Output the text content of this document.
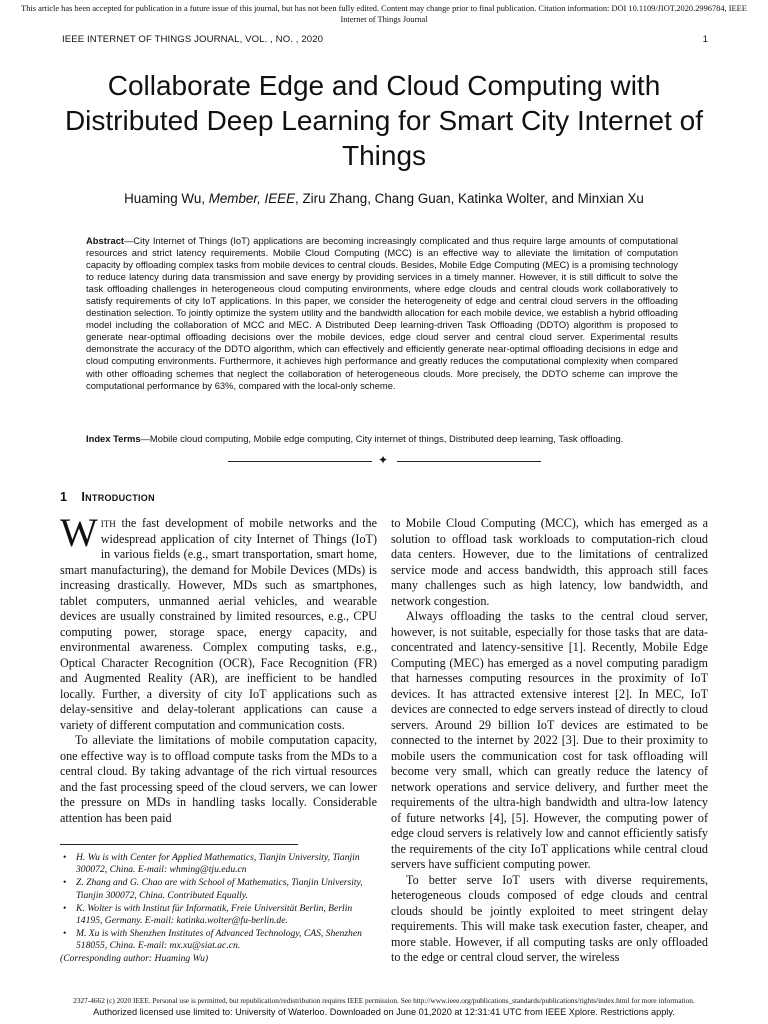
This article has been accepted for publication in a future issue of this journal, but has not been fully edited. Content may change prior to final publication. Citation information: DOI 10.1109/JIOT.2020.2996784, IEEE Internet of Things Journal
IEEE INTERNET OF THINGS JOURNAL, VOL. , NO. , 2020	1
Collaborate Edge and Cloud Computing with Distributed Deep Learning for Smart City Internet of Things
Huaming Wu, Member, IEEE, Ziru Zhang, Chang Guan, Katinka Wolter, and Minxian Xu

Abstract—City Internet of Things (IoT) applications are becoming increasingly complicated and thus require large amounts of computational resources and strict latency requirements. Mobile Cloud Computing (MCC) is an effective way to alleviate the limitation of computation capacity by offloading complex tasks from mobile devices to central clouds. Besides, Mobile Edge Computing (MEC) is a promising technology to reduce latency during data transmission and save energy by providing services in a timely manner. However, it is still difficult to solve the task offloading challenges in heterogeneous cloud computing environments, where edge clouds and central clouds work collaboratively to satisfy requirements of city IoT applications. In this paper, we consider the heterogeneity of edge and central cloud servers in the offloading destination selection. To jointly optimize the system utility and the bandwidth allocation for each mobile device, we establish a hybrid offloading model including the collaboration of MCC and MEC. A Distributed Deep learning-driven Task Offloading (DDTO) algorithm is proposed to generate near-optimal offloading decisions over the mobile devices, edge cloud server and central cloud server. Experimental results demonstrate the accuracy of the DDTO algorithm, which can effectively and efficiently generate near-optimal offloading decisions in edge and cloud computing environments. Furthermore, it achieves high performance and greatly reduces the computational complexity when compared with other offloading schemes that neglect the collaboration of heterogeneous clouds. More precisely, the DDTO scheme can improve the computational performance by 63%, compared with the local-only scheme.

Index Terms—Mobile cloud computing, Mobile edge computing, City internet of things, Distributed deep learning, Task offloading.

✦
1 Introduction

With the fast development of mobile networks and the widespread application of city Internet of Things (IoT) in various fields (e.g., smart transportation, smart home, smart manufacturing), the demand for Mobile Devices (MDs) is increasing drastically. However, MDs such as smartphones, tablet computers, unmanned aerial vehicles, and wearable devices are usually constrained by limited resources, e.g., CPU computing power, storage space, energy capacity, and environmental awareness. Complex computing tasks, e.g., Optical Character Recognition (OCR), Face Recognition (FR) and Augmented Reality (AR), are inefficient to be handled locally. Further, a diversity of city IoT applications such as delay-sensitive and delay-tolerant applications can cause a variety of different computation and communication costs.

To alleviate the limitations of mobile computation capacity, one effective way is to offload compute tasks from the MDs to a central cloud. By taking advantage of the rich virtual resources and the fast processing speed of the cloud servers, we can lower the pressure on MDs in handling tasks locally. Considerable attention has been paid

to Mobile Cloud Computing (MCC), which has emerged as a solution to offload task workloads to computation-rich cloud data centers. However, due to the limitations of centralized service mode and access bandwidth, this approach still faces many challenges such as high latency, low bandwidth, and network congestion.

Always offloading the tasks to the central cloud server, however, is not suitable, especially for those tasks that are data-concentrated and latency-sensitive [1]. Recently, Mobile Edge Computing (MEC) has emerged as a novel computing paradigm that harnesses computing resources in the proximity of IoT devices. It has attracted extensive interest [2]. In MEC, IoT devices are connected to edge servers instead of directly to cloud servers. Around 29 billion IoT devices are estimated to be connected to the internet by 2022 [3]. Due to their proximity to mobile users the communication cost for task offloading will become very small, which can greatly reduce the latency of network operations and service delivery, and further meet the requirements of the ultra-high bandwidth and ultra-low latency of future networks [4], [5]. However, the computing power of edge cloud servers is relatively low and cannot efficiently satisfy the requirements of the city IoT applications while central cloud servers have sufficient computing power.

To better serve IoT users with diverse requirements, heterogeneous clouds composed of edge clouds and central clouds should be jointly exploited to meet stringent delay requirements. This will make task execution faster, cheaper, and more stable. However, if all computing tasks are only offloaded to the edge or central cloud server, the wireless

• H. Wu is with Center for Applied Mathematics, Tianjin University, Tianjin 300072, China. E-mail: whming@tju.edu.cn
• Z. Zhang and G. Chao are with School of Mathematics, Tianjin University, Tianjin 300072, China. Contributed Equally.
• K. Wolter is with Institut für Informatik, Freie Universität Berlin, Berlin 14195, Germany. E-mail: katinka.wolter@fu-berlin.de.
• M. Xu is with Shenzhen Institutes of Advanced Technology, CAS, Shenzhen 518055, China. E-mail: mx.xu@siat.ac.cn.
(Corresponding author: Huaming Wu)
2327-4662 (c) 2020 IEEE. Personal use is permitted, but republication/redistribution requires IEEE permission. See http://www.ieee.org/publications_standards/publications/rights/index.html for more information.
Authorized licensed use limited to: University of Waterloo. Downloaded on June 01,2020 at 12:31:41 UTC from IEEE Xplore. Restrictions apply.
